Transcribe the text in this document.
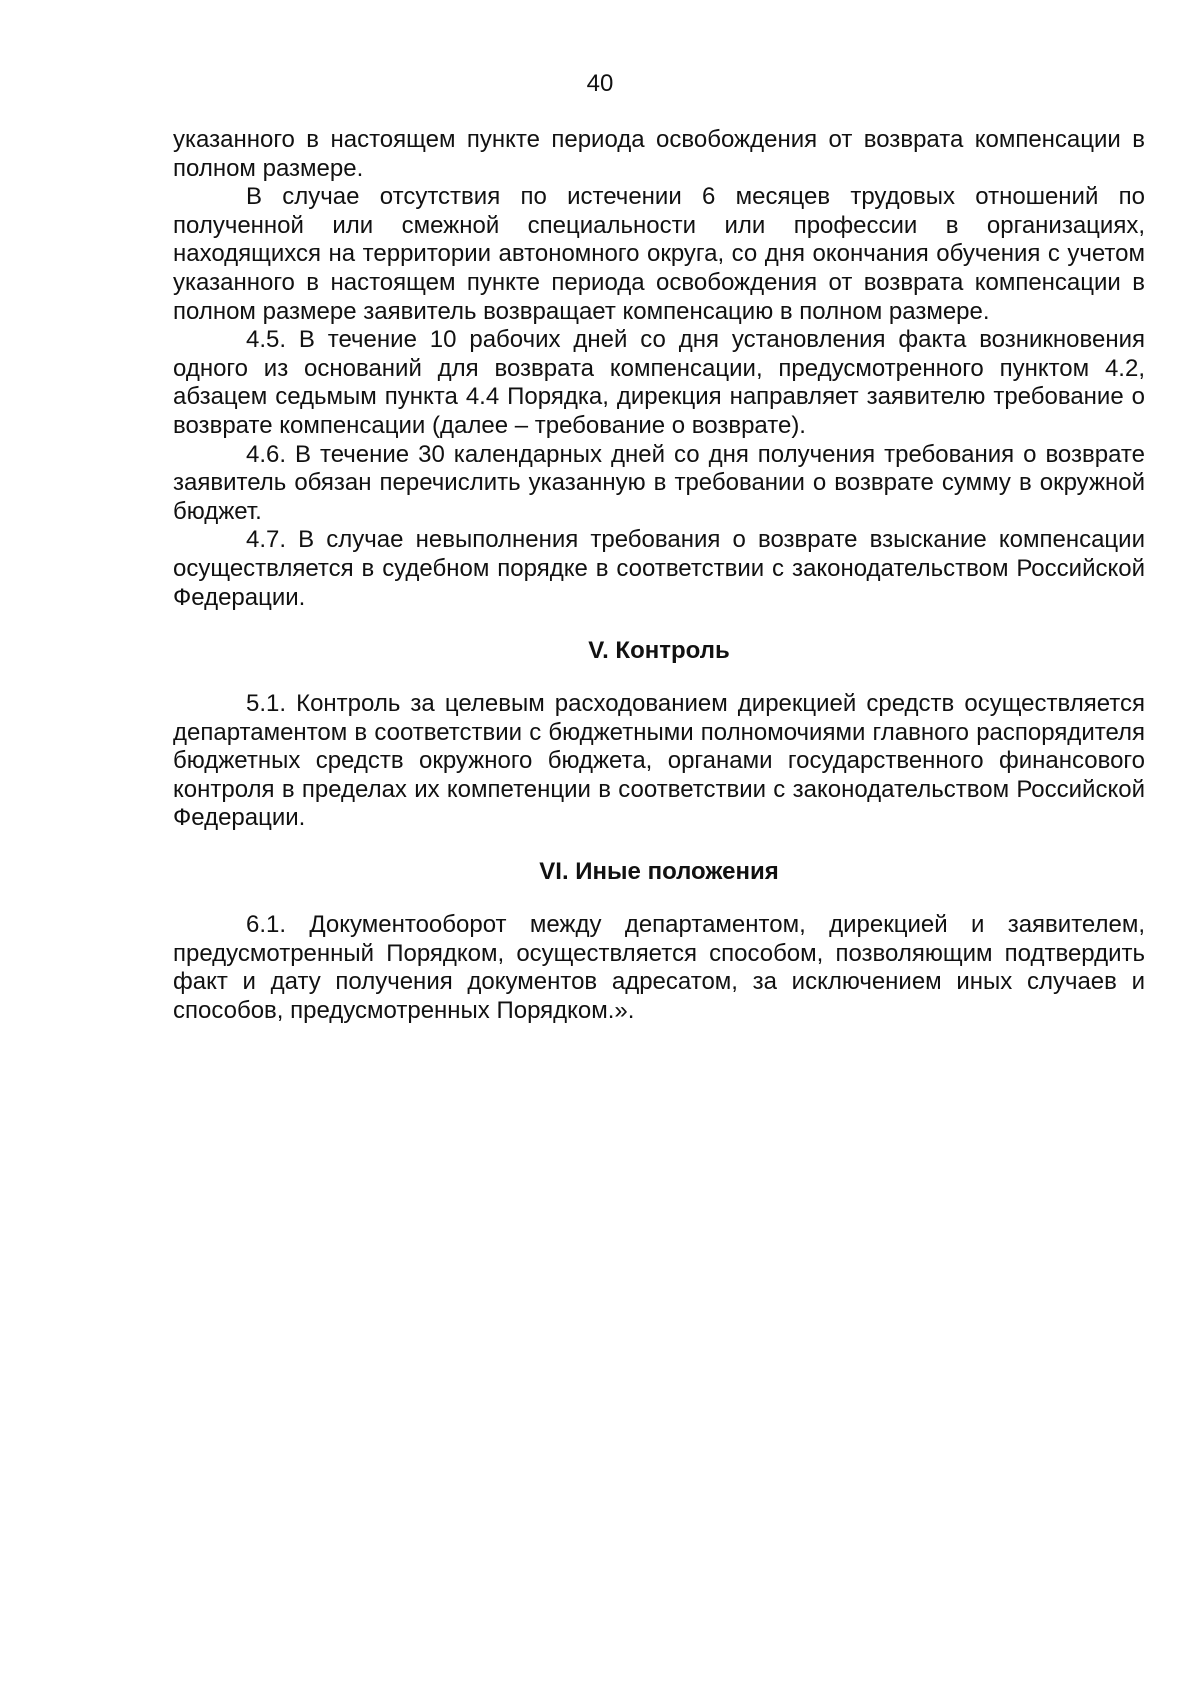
40

указанного в настоящем пункте периода освобождения от возврата компенсации в полном размере.

В случае отсутствия по истечении 6 месяцев трудовых отношений по полученной или смежной специальности или профессии в организациях, находящихся на территории автономного округа, со дня окончания обучения с учетом указанного в настоящем пункте периода освобождения от возврата компенсации в полном размере заявитель возвращает компенсацию в полном размере.

4.5. В течение 10 рабочих дней со дня установления факта возникновения одного из оснований для возврата компенсации, предусмотренного пунктом 4.2, абзацем седьмым пункта 4.4 Порядка, дирекция направляет заявителю требование о возврате компенсации (далее – требование о возврате).

4.6. В течение 30 календарных дней со дня получения требования о возврате заявитель обязан перечислить указанную в требовании о возврате сумму в окружной бюджет.

4.7. В случае невыполнения требования о возврате взыскание компенсации осуществляется в судебном порядке в соответствии с законодательством Российской Федерации.

V. Контроль

5.1. Контроль за целевым расходованием дирекцией средств осуществляется департаментом в соответствии с бюджетными полномочиями главного распорядителя бюджетных средств окружного бюджета, органами государственного финансового контроля в пределах их компетенции в соответствии с законодательством Российской Федерации.

VI. Иные положения

6.1. Документооборот между департаментом, дирекцией и заявителем, предусмотренный Порядком, осуществляется способом, позволяющим подтвердить факт и дату получения документов адресатом, за исключением иных случаев и способов, предусмотренных Порядком.».
